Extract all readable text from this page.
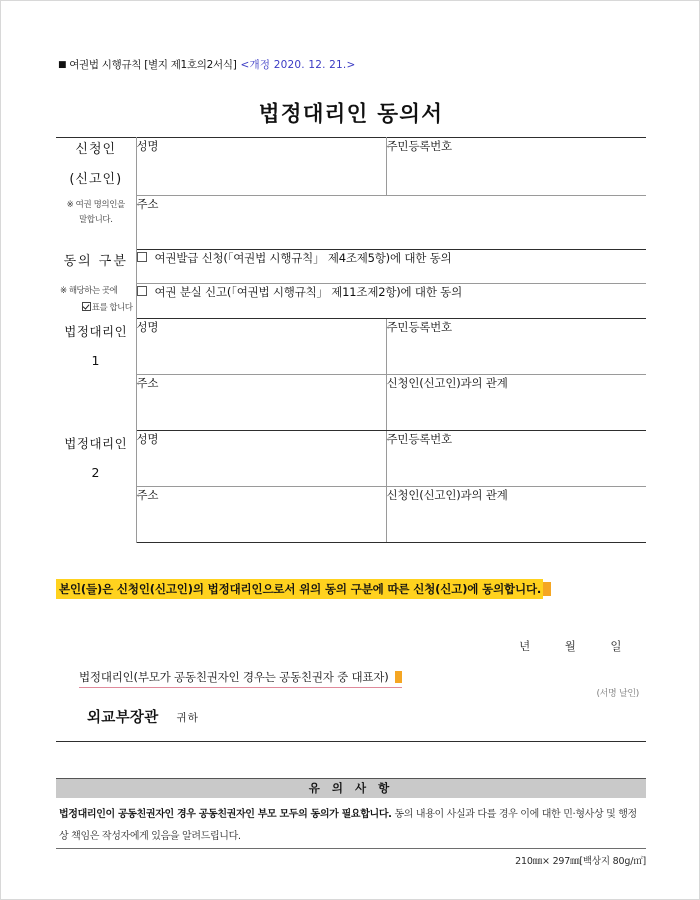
■ 여권법 시행규칙 [별지 제1호의2서식] <개정 2020. 12. 21.>
법정대리인 동의서
신청인
(신고인)
※ 여권 명의인을
말합니다.	성명	주민등록번호
	주소	
동의 구분
※ 해당하는 곳에
표를 합니다	여권발급 신청(「여권법 시행규칙」 제4조제5항)에 대한 동의	
	여권 분실 신고(「여권법 시행규칙」 제11조제2항)에 대한 동의	
법정대리인
1	성명	주민등록번호
	주소	신청인(신고인)과의 관계
법정대리인
2	성명	주민등록번호
	주소	신청인(신고인)과의 관계
본인(들)은 신청인(신고인)의 법정대리인으로서 위의 동의 구분에 따른 신청(신고)에 동의합니다.
년	월	일
법정대리인(부모가 공동친권자인 경우는 공동친권자 중 대표자)
(서명 날인)
외교부장관 귀하
유 의 사 항
법정대리인이 공동친권자인 경우 공동친권자인 부모 모두의 동의가 필요합니다. 동의 내용이 사실과 다를 경우 이에 대한 민·형사상 및 행정상 책임은 작성자에게 있음을 알려드립니다.
210㎜× 297㎜[백상지 80g/㎡]
